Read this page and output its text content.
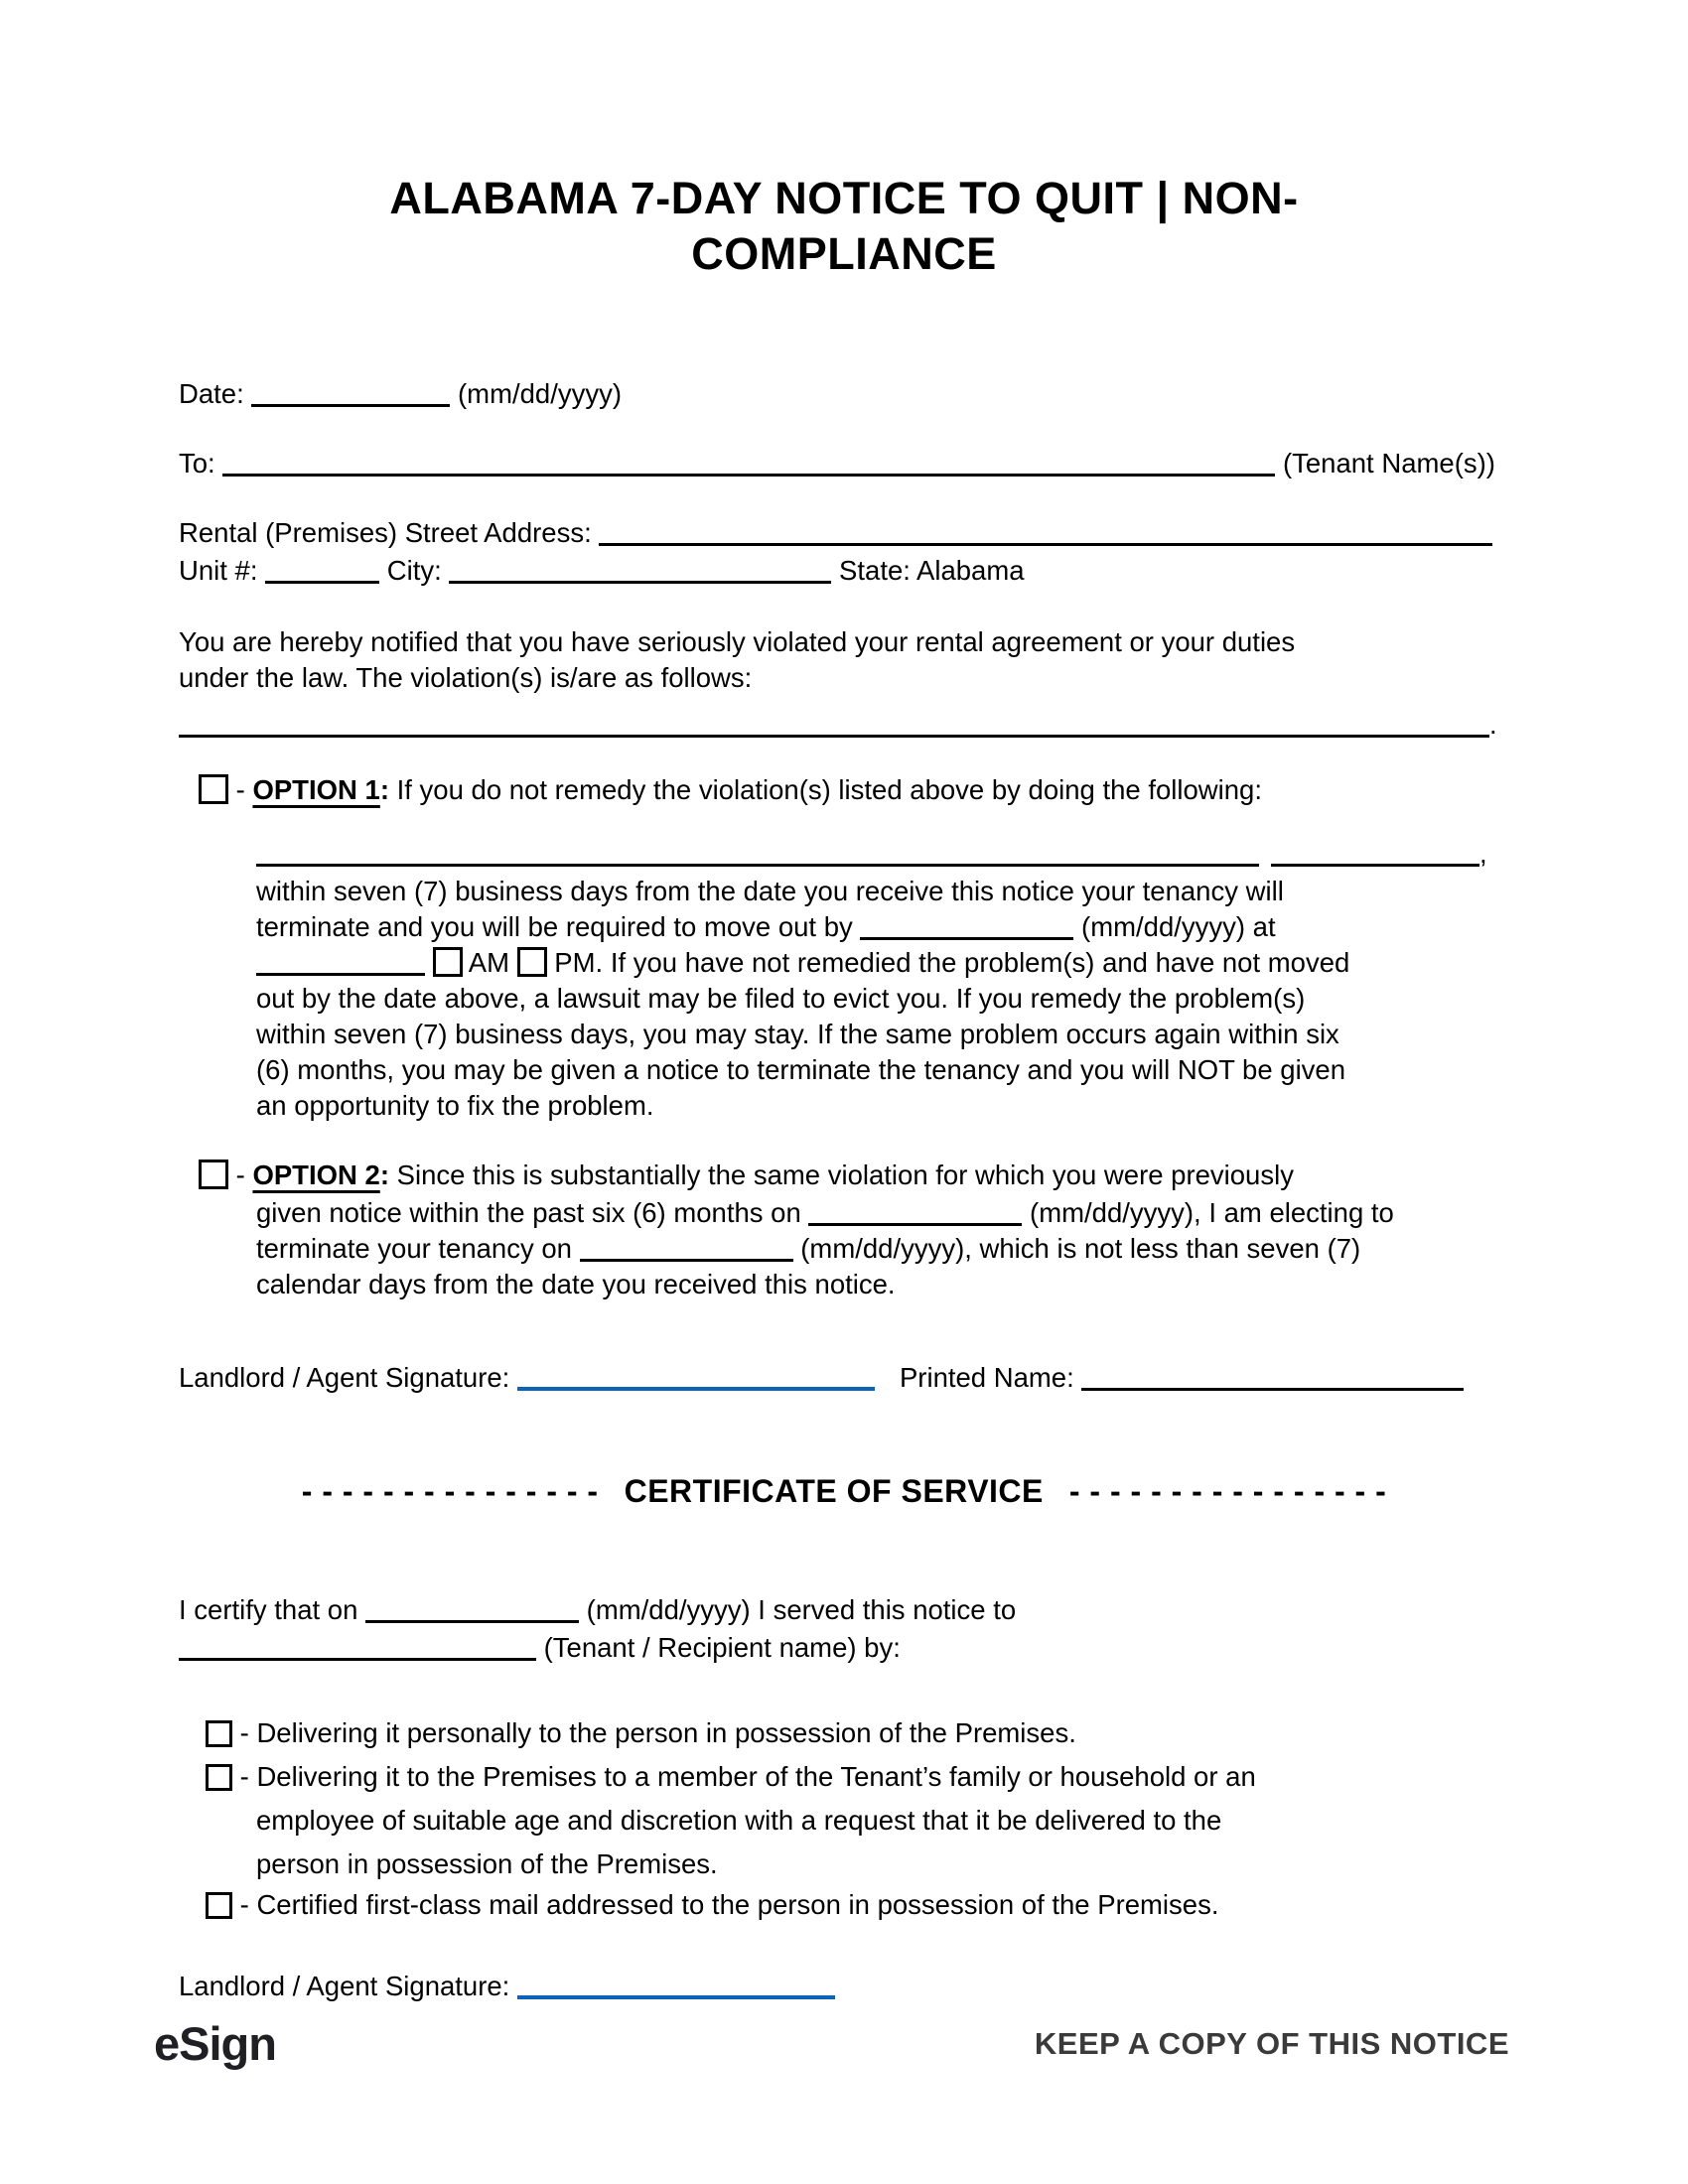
ALABAMA 7-DAY NOTICE TO QUIT | NON-
COMPLIANCE
Date:	(mm/dd/yyyy)
To:	(Tenant Name(s))
Rental (Premises) Street Address:
Unit #:	City:	State: Alabama
You are hereby notified that you have seriously violated your rental agreement or your duties
under the law. The violation(s) is/are as follows:
.
- OPTION 1: If you do not remedy the violation(s) listed above by doing the following:
,
within seven (7) business days from the date you receive this notice your tenancy will
terminate and you will be required to move out by	(mm/dd/yyyy) at
AM  PM. If you have not remedied the problem(s) and have not moved
out by the date above, a lawsuit may be filed to evict you. If you remedy the problem(s)
within seven (7) business days, you may stay. If the same problem occurs again within six
(6) months, you may be given a notice to terminate the tenancy and you will NOT be given
an opportunity to fix the problem.
- OPTION 2: Since this is substantially the same violation for which you were previously
given notice within the past six (6) months on	(mm/dd/yyyy), I am electing to
terminate your tenancy on	(mm/dd/yyyy), which is not less than seven (7)
calendar days from the date you received this notice.
Landlord / Agent Signature:	Printed Name:
- - - - - - - - - - - - - - - CERTIFICATE OF SERVICE - - - - - - - - - - - - - - - -
I certify that on	(mm/dd/yyyy) I served this notice to
(Tenant / Recipient name) by:
- Delivering it personally to the person in possession of the Premises.
- Delivering it to the Premises to a member of the Tenant’s family or household or an
employee of suitable age and discretion with a request that it be delivered to the
person in possession of the Premises.
- Certified first-class mail addressed to the person in possession of the Premises.
Landlord / Agent Signature:
eSign	KEEP A COPY OF THIS NOTICE
